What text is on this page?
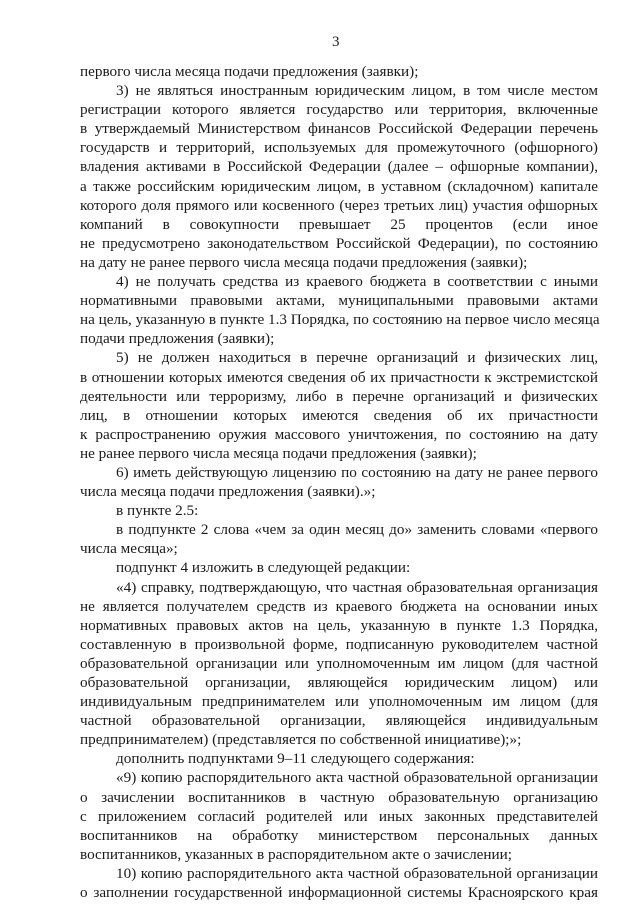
3
первого числа месяца подачи предложения (заявки);
3) не являться иностранным юридическим лицом, в том числе местом
регистрации которого является государство или территория, включенные
в утверждаемый Министерством финансов Российской Федерации перечень
государств и территорий, используемых для промежуточного (офшорного)
владения активами в Российской Федерации (далее – офшорные компании),
а также российским юридическим лицом, в уставном (складочном) капитале
которого доля прямого или косвенного (через третьих лиц) участия офшорных
компаний в совокупности превышает 25 процентов (если иное
не предусмотрено законодательством Российской Федерации), по состоянию
на дату не ранее первого числа месяца подачи предложения (заявки);
4) не получать средства из краевого бюджета в соответствии с иными
нормативными правовыми актами, муниципальными правовыми актами
на цель, указанную в пункте 1.3 Порядка, по состоянию на первое число месяца
подачи предложения (заявки);
5) не должен находиться в перечне организаций и физических лиц,
в отношении которых имеются сведения об их причастности к экстремистской
деятельности или терроризму, либо в перечне организаций и физических
лиц, в отношении которых имеются сведения об их причастности
к распространению оружия массового уничтожения, по состоянию на дату
не ранее первого числа месяца подачи предложения (заявки);
6) иметь действующую лицензию по состоянию на дату не ранее первого
числа месяца подачи предложения (заявки).»;
в пункте 2.5:
в подпункте 2 слова «чем за один месяц до» заменить словами «первого
числа месяца»;
подпункт 4 изложить в следующей редакции:
«4) справку, подтверждающую, что частная образовательная организация
не является получателем средств из краевого бюджета на основании иных
нормативных правовых актов на цель, указанную в пункте 1.3 Порядка,
составленную в произвольной форме, подписанную руководителем частной
образовательной организации или уполномоченным им лицом (для частной
образовательной организации, являющейся юридическим лицом) или
индивидуальным предпринимателем или уполномоченным им лицом (для
частной образовательной организации, являющейся индивидуальным
предпринимателем) (представляется по собственной инициативе);»;
дополнить подпунктами 9–11 следующего содержания:
«9) копию распорядительного акта частной образовательной организации
о зачислении воспитанников в частную образовательную организацию
с приложением согласий родителей или иных законных представителей
воспитанников на обработку министерством персональных данных
воспитанников, указанных в распорядительном акте о зачислении;
10) копию распорядительного акта частной образовательной организации
о заполнении государственной информационной системы Красноярского края
